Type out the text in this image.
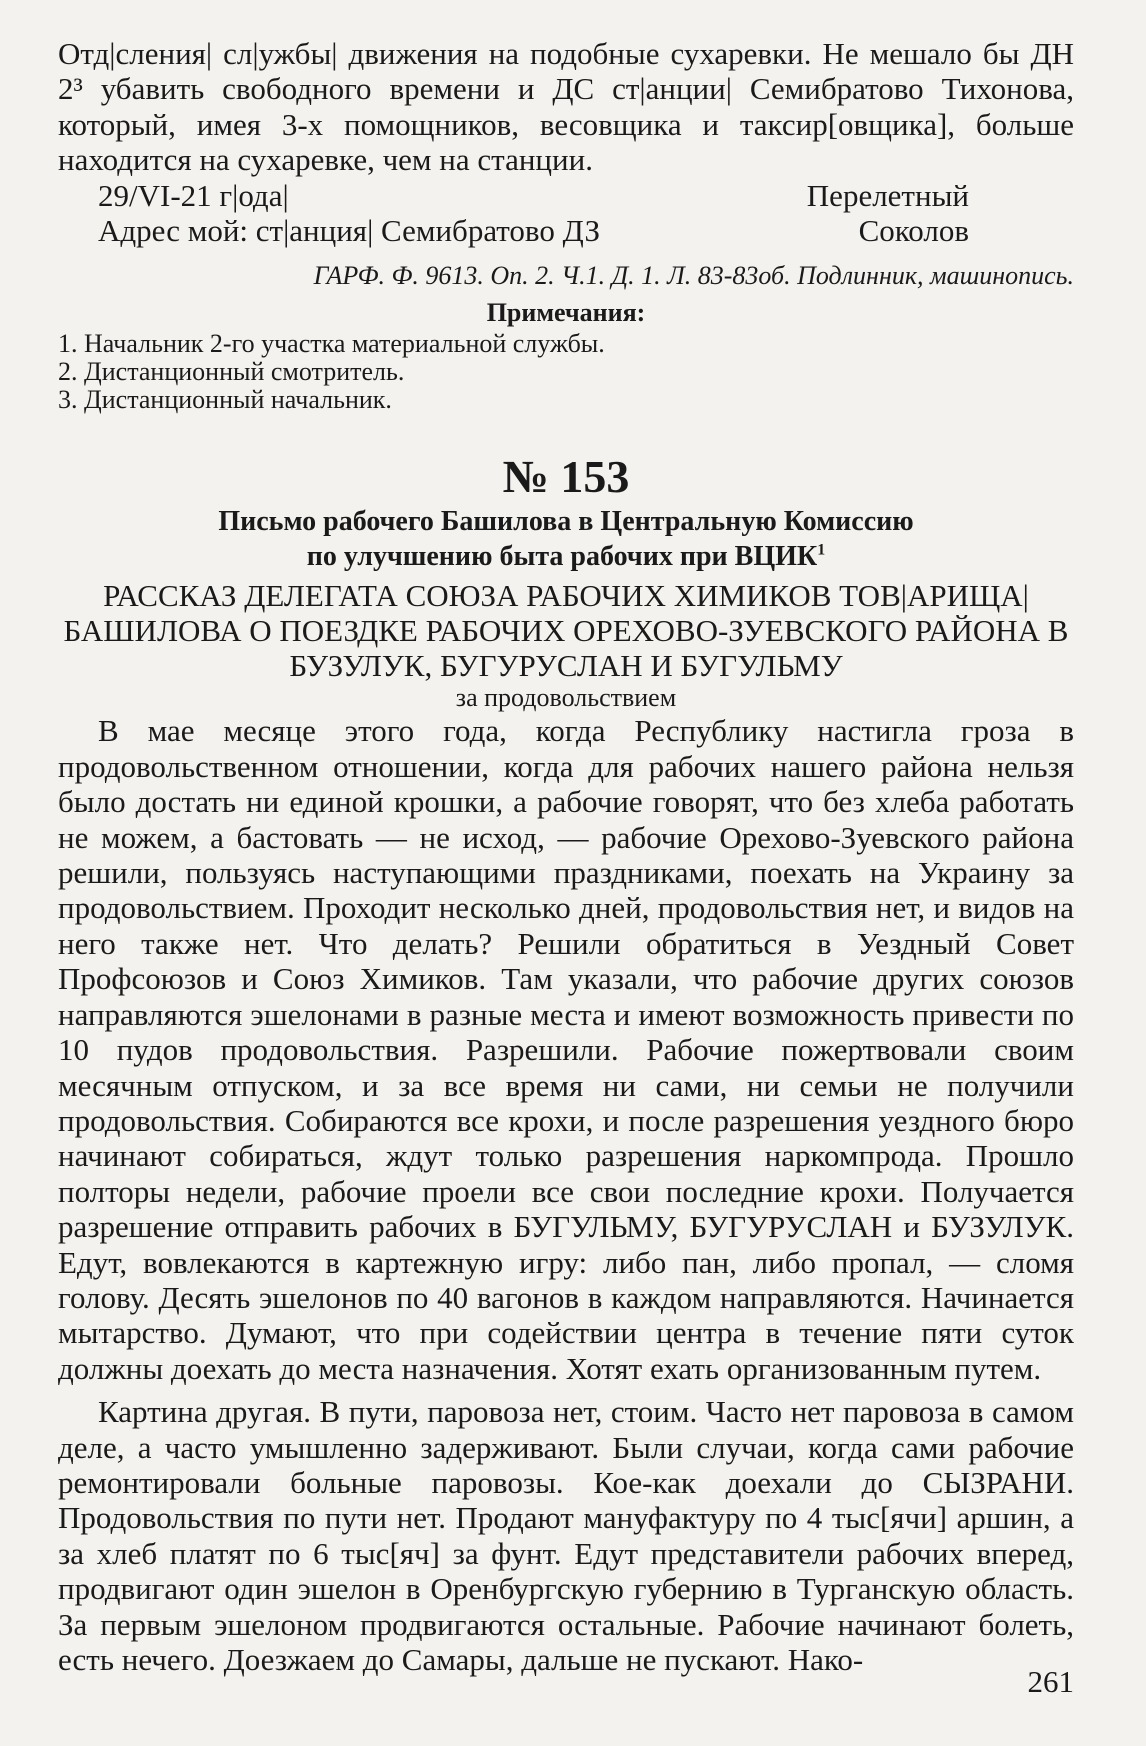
Отд|сления| сл|ужбы| движения на подобные сухаревки. Не мешало бы ДН 2³ убавить свободного времени и ДС ст|анции| Семибратово Тихонова, который, имея 3-х помощников, весовщика и таксир[овщика], больше находится на сухаревке, чем на станции.

29/VI-21 г|ода|	Перелетный
Адрес мой: ст|анция| Семибратово ДЗ	Соколов
ГАРФ. Ф. 9613. Оп. 2. Ч.1. Д. 1. Л. 83-83об. Подлинник, машинопись.
Примечания:

1. Начальник 2-го участка материальной службы.

2. Дистанционный смотритель.

3. Дистанционный начальник.

№ 153
Письмо рабочего Башилова в Центральную Комиссию
по улучшению быта рабочих при ВЦИК$^1$
РАССКАЗ ДЕЛЕГАТА СОЮЗА РАБОЧИХ ХИМИКОВ ТОВ|АРИЩА|БАШИЛОВА О ПОЕЗДКЕ РАБОЧИХ ОРЕХОВО-ЗУЕВСКОГО РАЙОНА В БУЗУЛУК, БУГУРУСЛАН И БУГУЛЬМУ
за продовольствием

В мае месяце этого года, когда Республику настигла гроза в продовольственном отношении, когда для рабочих нашего района нельзя было достать ни единой крошки, а рабочие говорят, что без хлеба работать не можем, а бастовать — не исход, — рабочие Орехово-Зуевского района решили, пользуясь наступающими праздниками, поехать на Украину за продовольствием. Проходит несколько дней, продовольствия нет, и видов на него также нет. Что делать? Решили обратиться в Уездный Совет Профсоюзов и Союз Химиков. Там указали, что рабочие других союзов направляются эшелонами в разные места и имеют возможность привести по 10 пудов продовольствия. Разрешили. Рабочие пожертвовали своим месячным отпуском, и за все время ни сами, ни семьи не получили продовольствия. Собираются все крохи, и после разрешения уездного бюро начинают собираться, ждут только разрешения наркомпрода. Прошло полторы недели, рабочие проели все свои последние крохи. Получается разрешение отправить рабочих в БУГУЛЬМУ, БУГУРУСЛАН и БУЗУЛУК. Едут, вовлекаются в картежную игру: либо пан, либо пропал, — сломя голову. Десять эшелонов по 40 вагонов в каждом направляются. Начинается мытарство. Думают, что при содействии центра в течение пяти суток должны доехать до места назначения. Хотят ехать организованным путем.

Картина другая. В пути, паровоза нет, стоим. Часто нет паровоза в самом деле, а часто умышленно задерживают. Были случаи, когда сами рабочие ремонтировали больные паровозы. Кое-как доехали до СЫЗРАНИ. Продовольствия по пути нет. Продают мануфактуру по 4 тыс[ячи] аршин, а за хлеб платят по 6 тыс[яч] за фунт. Едут представители рабочих вперед, продвигают один эшелон в Оренбургскую губернию в Турганскую область. За первым эшелоном продвигаются остальные. Рабочие начинают болеть, есть нечего. Доезжаем до Самары, дальше не пускают. Нако-

261
